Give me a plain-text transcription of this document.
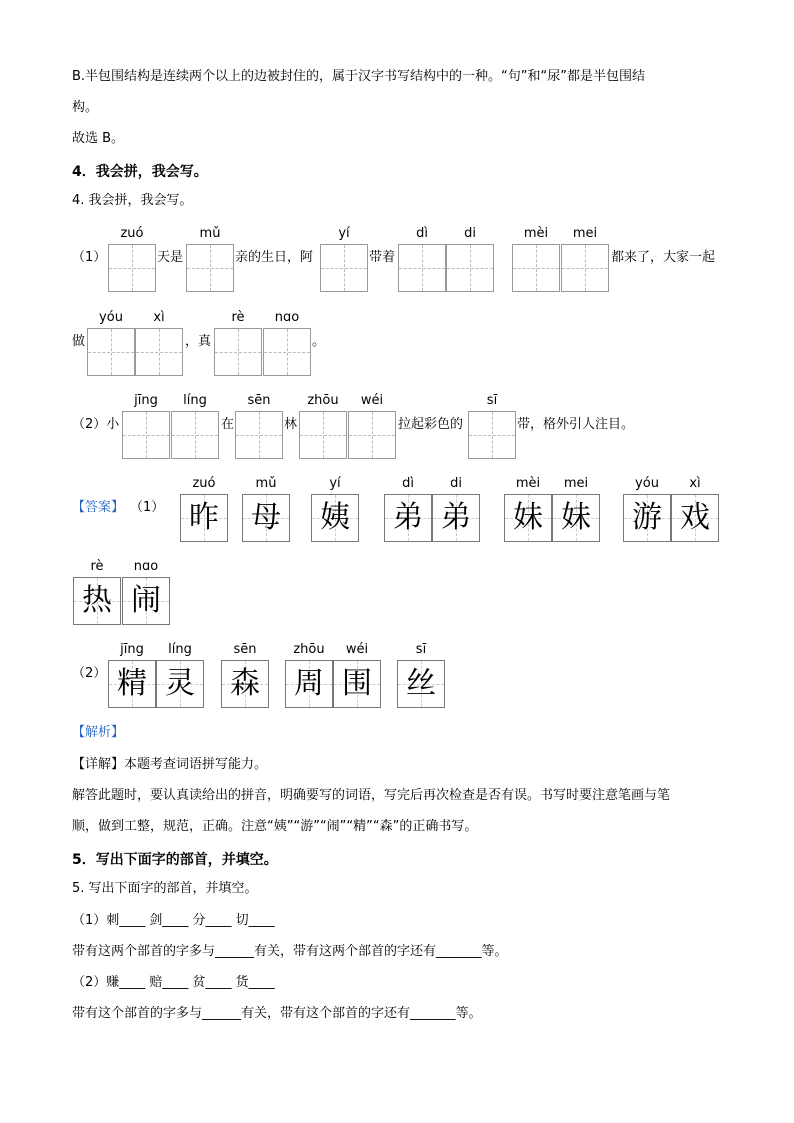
B.半包围结构是连续两个以上的边被封住的，属于汉字书写结构中的一种。“句”和“尿”都是半包围结
构。
故选 B。
4．我会拼，我会写。
4. 我会拼，我会写。
（1）
zuó
天是
mǔ
亲的生日，阿
yí
带着
dì	di	mèi	mei
都来了，大家一起
做
yóu	xì
，真
rè	nɑo
。
（2）小
jīng	líng
在
sēn
林
zhōu	wéi
拉起彩色的
sī
带，格外引人注目。
【答案】 （1）
zuó
昨
mǔ
母
yí
姨
dì
弟
di
弟
mèi
妹
mei
妹
yóu
游
xì
戏
rè
热
nɑo
闹
（2）
jīng
精
líng
灵
sēn
森
zhōu
周
wéi
围
sī
丝
【解析】
【详解】本题考查词语拼写能力。
解答此题时，要认真读给出的拼音，明确要写的词语，写完后再次检查是否有误。书写时要注意笔画与笔
顺，做到工整，规范，正确。注意“姨”“游”“闹”“精”“森”的正确书写。
5．写出下面字的部首，并填空。
5. 写出下面字的部首，并填空。
（1）刺____ 剑____ 分____ 切____
带有这两个部首的字多与______有关，带有这两个部首的字还有_______等。
（2）赚____ 赔____ 贫____ 货____
带有这个部首的字多与______有关，带有这个部首的字还有_______等。
